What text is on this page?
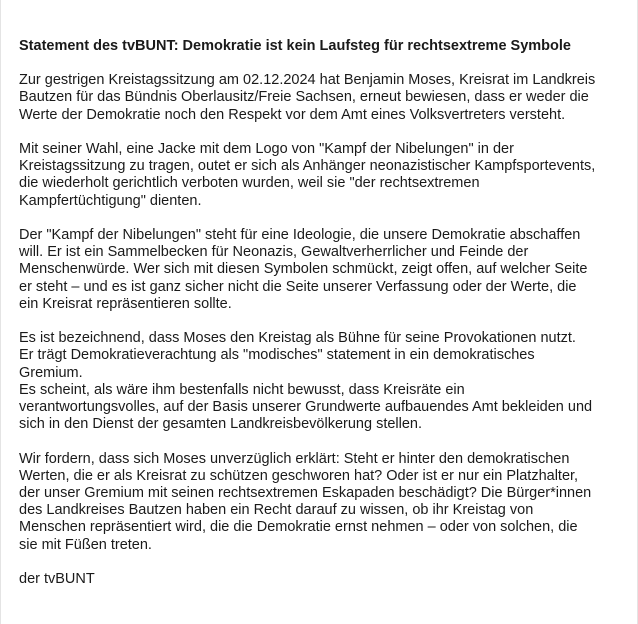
Statement des tvBUNT: Demokratie ist kein Laufsteg für rechtsextreme Symbole
Zur gestrigen Kreistagssitzung am 02.12.2024 hat Benjamin Moses, Kreisrat im Landkreis
Bautzen für das Bündnis Oberlausitz/Freie Sachsen, erneut bewiesen, dass er weder die
Werte der Demokratie noch den Respekt vor dem Amt eines Volksvertreters versteht.
Mit seiner Wahl, eine Jacke mit dem Logo von "Kampf der Nibelungen" in der
Kreistagssitzung zu tragen, outet er sich als Anhänger neonazistischer Kampfsportevents,
die wiederholt gerichtlich verboten wurden, weil sie "der rechtsextremen
Kampfertüchtigung" dienten.
Der "Kampf der Nibelungen" steht für eine Ideologie, die unsere Demokratie abschaffen
will. Er ist ein Sammelbecken für Neonazis, Gewaltverherrlicher und Feinde der
Menschenwürde. Wer sich mit diesen Symbolen schmückt, zeigt offen, auf welcher Seite
er steht – und es ist ganz sicher nicht die Seite unserer Verfassung oder der Werte, die
ein Kreisrat repräsentieren sollte.
Es ist bezeichnend, dass Moses den Kreistag als Bühne für seine Provokationen nutzt.
Er trägt Demokratieverachtung als "modisches" statement in ein demokratisches
Gremium.
Es scheint, als wäre ihm bestenfalls nicht bewusst, dass Kreisräte ein
verantwortungsvolles, auf der Basis unserer Grundwerte aufbauendes Amt bekleiden und
sich in den Dienst der gesamten Landkreisbevölkerung stellen.
Wir fordern, dass sich Moses unverzüglich erklärt: Steht er hinter den demokratischen
Werten, die er als Kreisrat zu schützen geschworen hat? Oder ist er nur ein Platzhalter,
der unser Gremium mit seinen rechtsextremen Eskapaden beschädigt? Die Bürger*innen
des Landkreises Bautzen haben ein Recht darauf zu wissen, ob ihr Kreistag von
Menschen repräsentiert wird, die die Demokratie ernst nehmen – oder von solchen, die
sie mit Füßen treten.
der tvBUNT
